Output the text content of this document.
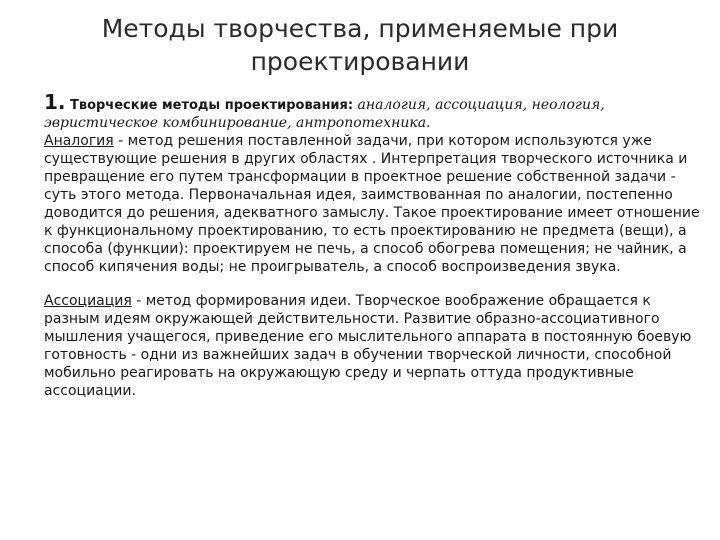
Методы творчества, применяемые при
проектировании
1. Творческие методы проектирования: аналогия, ассоциация, неология,
эвристическое комбинирование, антропотехника.

Аналогия - метод решения поставленной задачи, при котором используются уже существующие решения в других областях . Интерпретация творческого источника и превращение его путем трансформации в проектное решение собственной задачи - суть этого метода. Первоначальная идея, заимствованная по аналогии, постепенно доводится до решения, адекватного замыслу. Такое проектирование имеет отношение к функциональному проектированию, то есть проектированию не предмета (вещи), а способа (функции): проектируем не печь, а способ обогрева помещения; не чайник, а способ кипячения воды; не проигрыватель, а способ воспроизведения звука.

Ассоциация - метод формирования идеи. Творческое воображение обращается к разным идеям окружающей действительности. Развитие образно-ассоциативного мышления учащегося, приведение его мыслительного аппарата в постоянную боевую готовность - одни из важнейших задач в обучении творческой личности, способной мобильно реагировать на окружающую среду и черпать оттуда продуктивные ассоциации.
